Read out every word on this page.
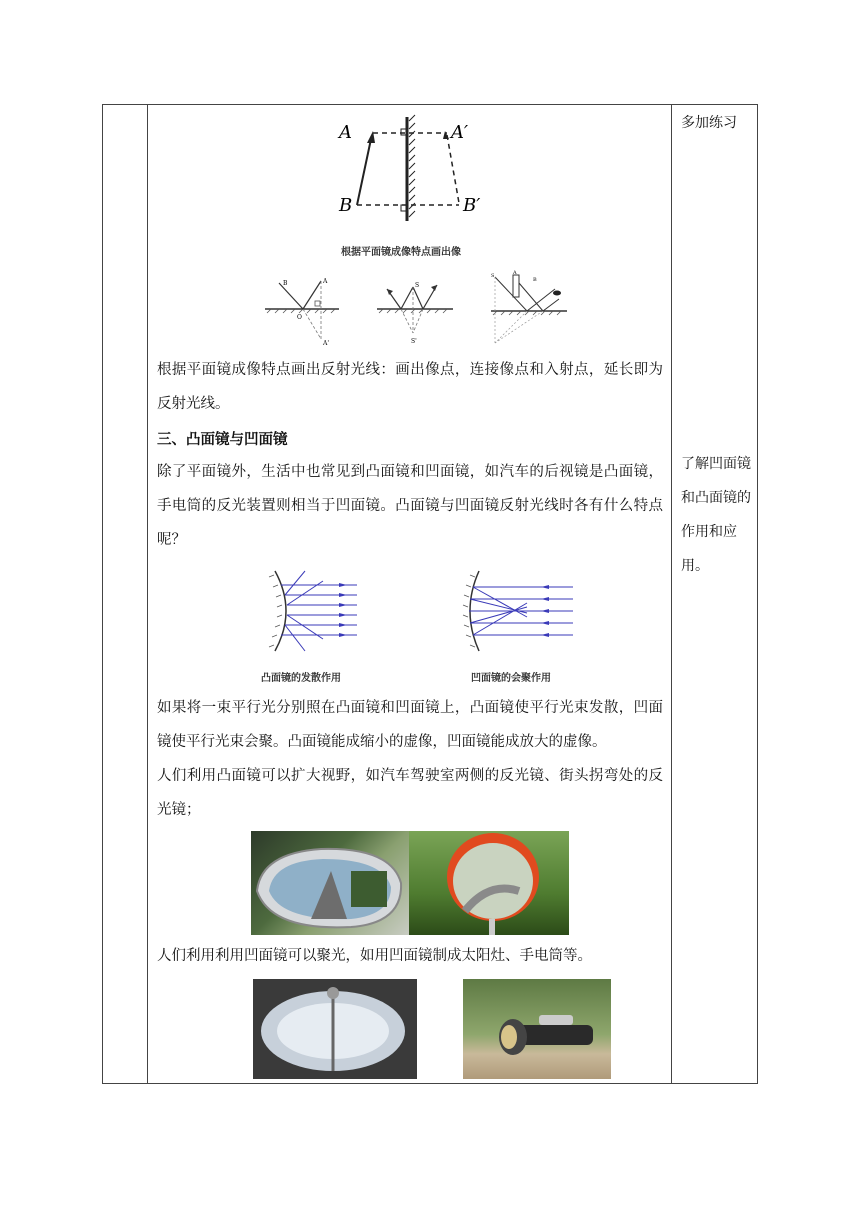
A	A′
B	B′
根据平面镜成像特点画出像
B	A
O
A'
S
S'
S	A
B
根据平面镜成像特点画出反射光线：画出像点，连接像点和入射点，延长即为反射光线。
三、凸面镜与凹面镜
除了平面镜外，生活中也常见到凸面镜和凹面镜，如汽车的后视镜是凸面镜，手电筒的反光装置则相当于凹面镜。凸面镜与凹面镜反射光线时各有什么特点呢？
凸面镜的发散作用	凹面镜的会聚作用
如果将一束平行光分别照在凸面镜和凹面镜上，凸面镜使平行光束发散，凹面镜使平行光束会聚。凸面镜能成缩小的虚像，凹面镜能成放大的虚像。
人们利用凸面镜可以扩大视野，如汽车驾驶室两侧的反光镜、街头拐弯处的反光镜；
人们利用利用凹面镜可以聚光，如用凹面镜制成太阳灶、手电筒等。
多加练习
了解凹面镜和凸面镜的作用和应用。
